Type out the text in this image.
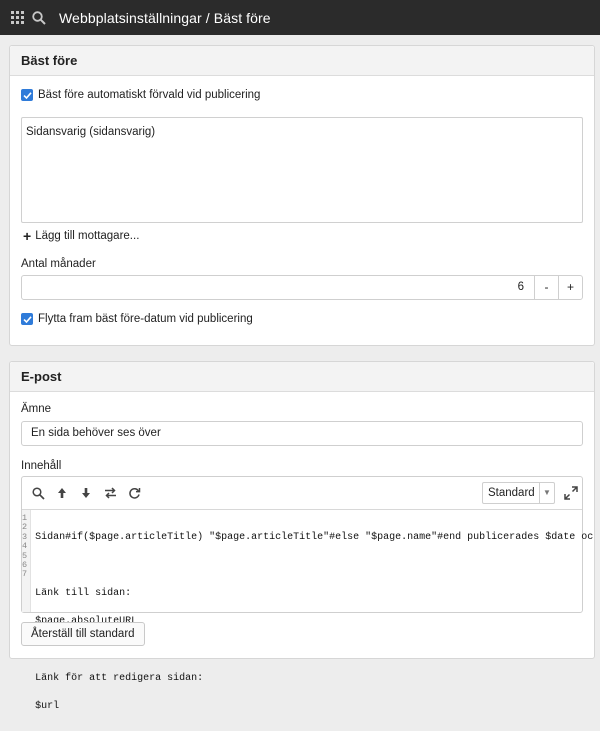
Webbplatsinställningar / Bäst före
Bäst före
Bäst före automatiskt förvald vid publicering
Sidansvarig (sidansvarig)
+ Lägg till mottagare...
Antal månader
6	-	+
Flytta fram bäst före-datum vid publicering
E-post
Ämne
En sida behöver ses över
Innehåll
Standard	▼
1
2
3
4
5
6
7

Sidan#if($page.articleTitle) "$page.articleTitle"#else "$page.name"#end publicerades $date oc

Länk till sidan:

Länk för att redigera sidan:

$url

Återställ till standard
